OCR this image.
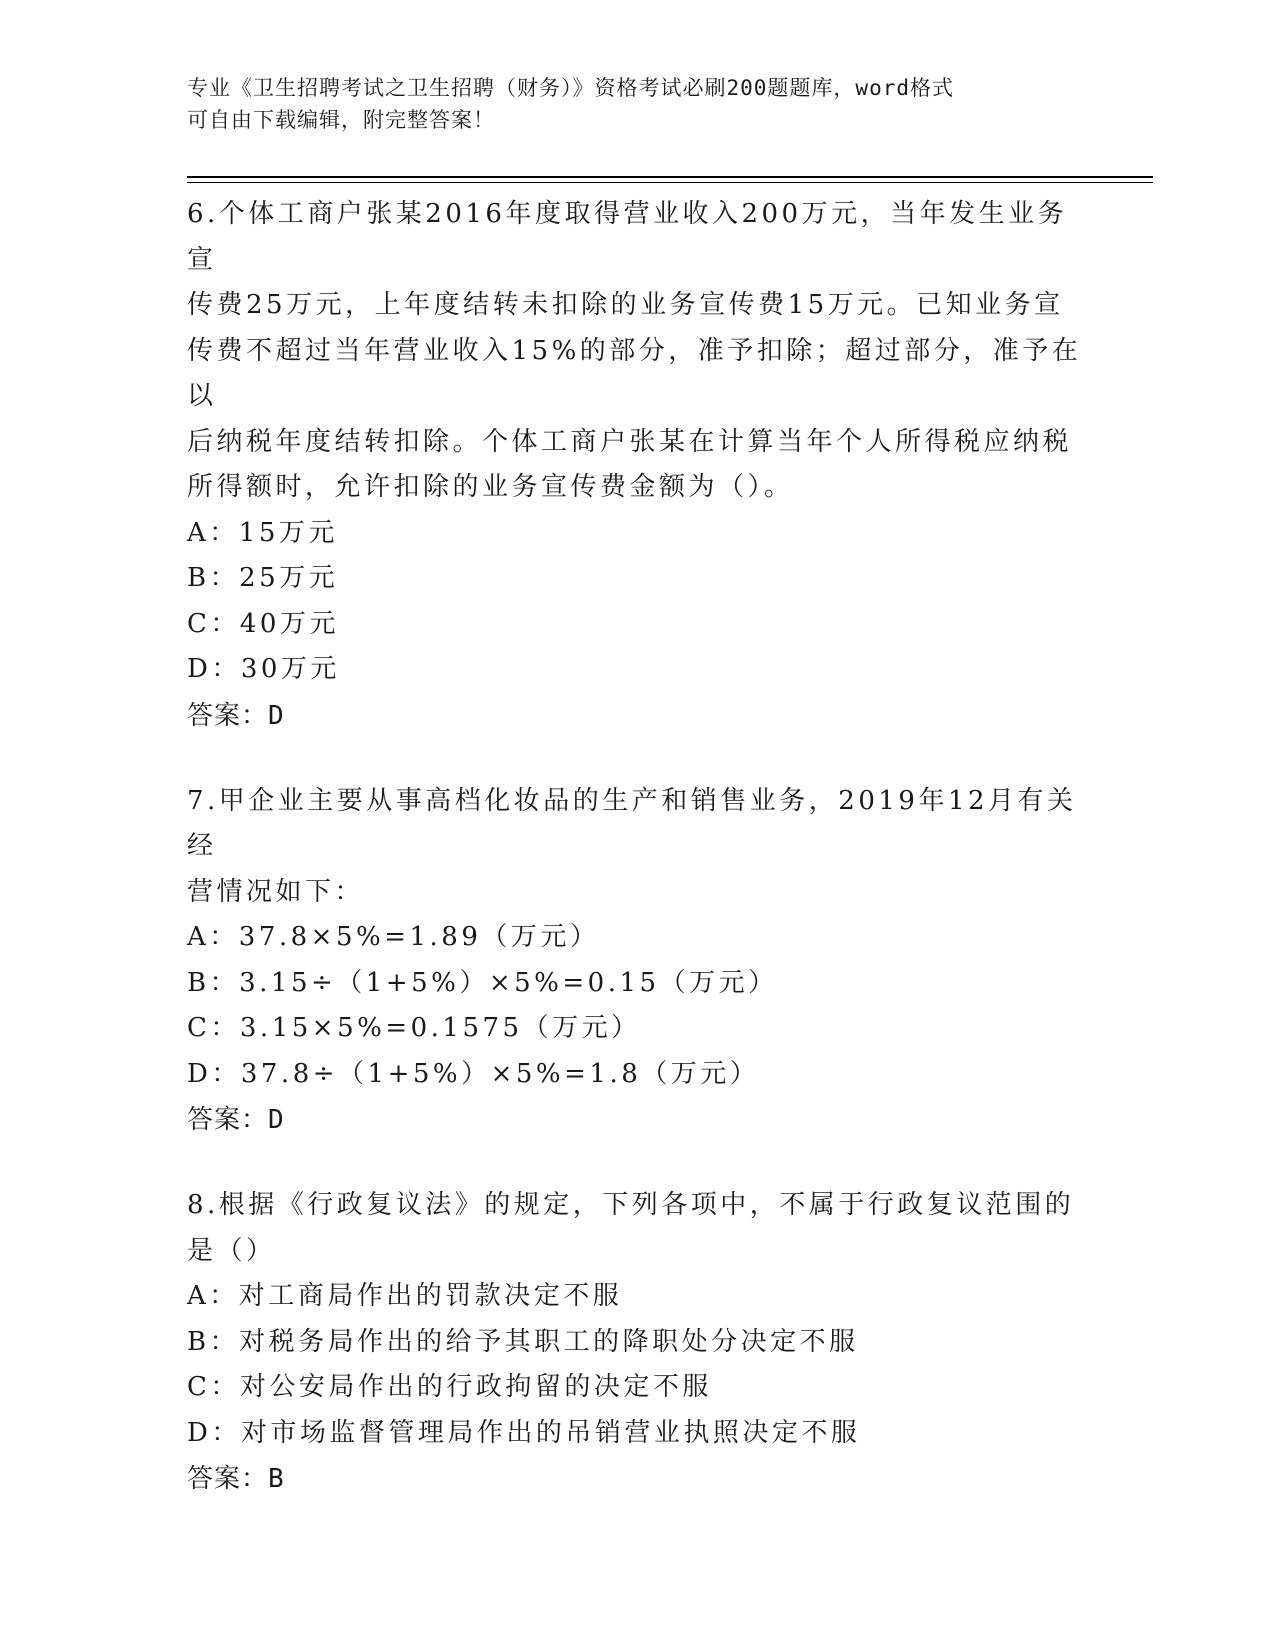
专业《卫生招聘考试之卫生招聘（财务）》资格考试必刷200题题库，word格式
可自由下载编辑，附完整答案！
6.个体工商户张某2016年度取得营业收入200万元，当年发生业务宣
传费25万元，上年度结转未扣除的业务宣传费15万元。已知业务宣
传费不超过当年营业收入15%的部分，准予扣除；超过部分，准予在以
后纳税年度结转扣除。个体工商户张某在计算当年个人所得税应纳税
所得额时，允许扣除的业务宣传费金额为（）。
A：15万元
B：25万元
C：40万元
D：30万元
答案：D
7.甲企业主要从事高档化妆品的生产和销售业务，2019年12月有关经
营情况如下：
A：37.8×5%=1.89（万元）
B：3.15÷（1+5%）×5%=0.15（万元）
C：3.15×5%=0.1575（万元）
D：37.8÷（1+5%）×5%=1.8（万元）
答案：D
8.根据《行政复议法》的规定，下列各项中，不属于行政复议范围的
是（）
A：对工商局作出的罚款决定不服
B：对税务局作出的给予其职工的降职处分决定不服
C：对公安局作出的行政拘留的决定不服
D：对市场监督管理局作出的吊销营业执照决定不服
答案：B
